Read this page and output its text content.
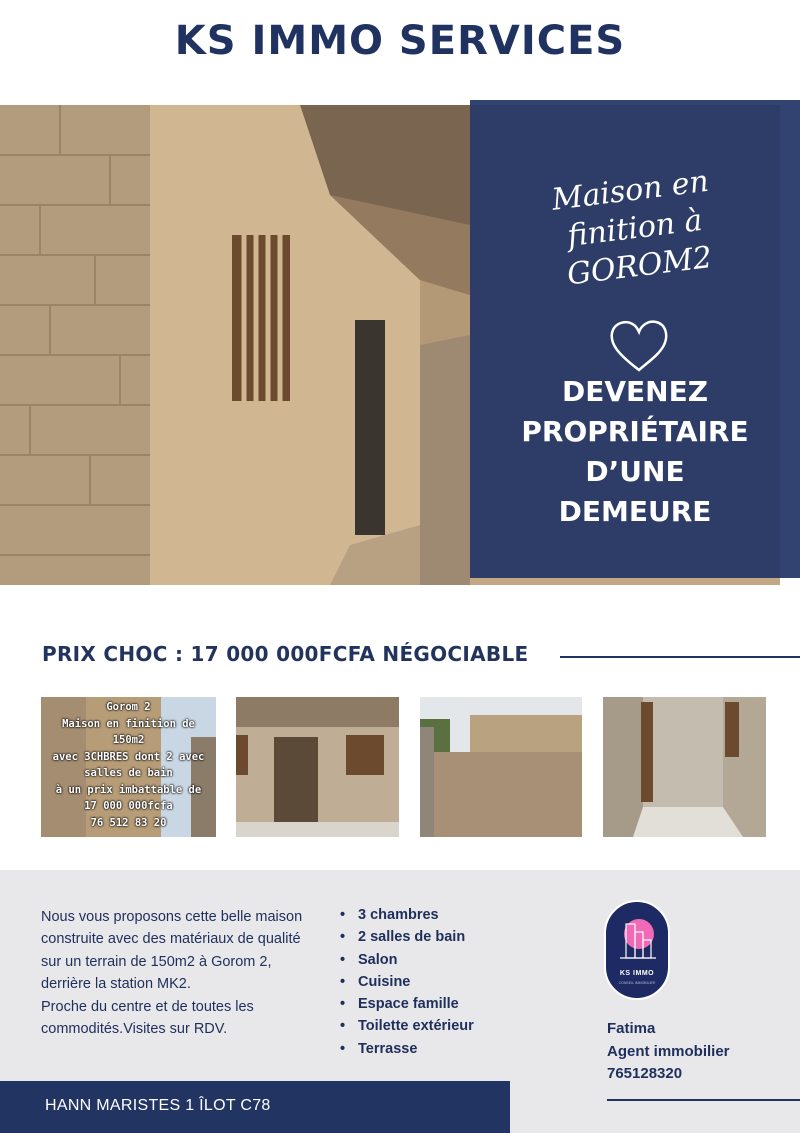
KS IMMO SERVICES
Maison en
finition à
GOROM2
DEVENEZ
PROPRIÉTAIRE
D’UNE
DEMEURE
PRIX CHOC : 17 000 000FCFA NÉGOCIABLE
Gorom 2
Maison en finition de
150m2
avec 3CHBRES dont 2 avec
salles de bain
à un prix imbattable de
17 000 000fcfa
76 512 83 20
Nous vous proposons cette belle maison construite avec des matériaux de qualité sur un terrain de 150m2 à Gorom 2, derrière la station MK2.
Proche du centre et de toutes les commodités.Visites sur RDV.
• 3 chambres
• 2 salles de bain
• Salon
• Cuisine
• Espace famille
• Toilette extérieur
• Terrasse
KS IMMO
CONSEIL IMMOBILIER
Fatima
Agent immobilier
765128320
HANN MARISTES 1 ÎLOT C78
